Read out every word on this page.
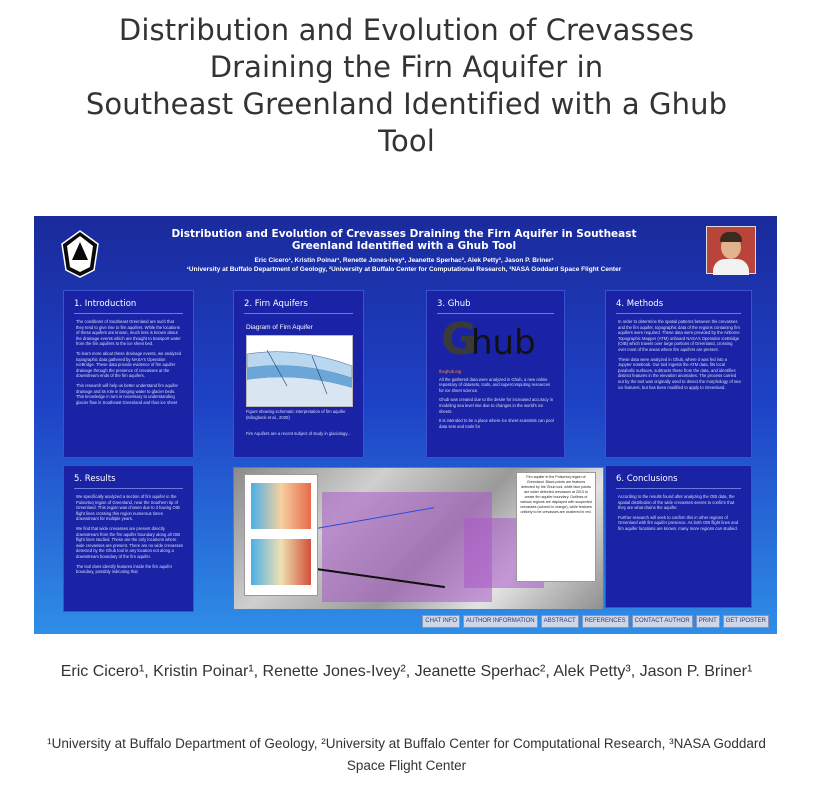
Distribution and Evolution of Crevasses
Draining the Firn Aquifer in
Southeast Greenland Identified with a Ghub
Tool
Distribution and Evolution of Crevasses Draining the Firn Aquifer in Southeast Greenland Identified with a Ghub Tool
Eric Cicero¹, Kristin Poinar¹, Renette Jones-Ivey², Jeanette Sperhac², Alek Petty³, Jason P. Briner¹
¹University at Buffalo Department of Geology, ²University at Buffalo Center for Computational Research, ³NASA Goddard Space Flight Center
1. Introduction

The conditions of Southeast Greenland are such that they tend to give rise to firn aquifers. While the locations of these aquifers are known, much less is known about the drainage events which are thought to transport water from the firn aquifers to the ice sheet bed.

To learn more about these drainage events, we analyzed topographic data gathered by NASA's Operation IceBridge. These data provide evidence of firn aquifer drainage through the presence of crevasses at the downstream ends of the firn aquifers.

This research will help us better understand firn aquifer drainage and its role in bringing water to glacier beds. This knowledge in turn is necessary to understanding glacier flow in Southeast Greenland and thus ice sheet

2. Firn Aquifers
Diagram of Firn Aquifer
Figure showing schematic interpretation of firn aquifer (Kilingbeck et al., 2020)
Firn Aquifers are a recent subject of study in glaciology...
3. Ghub
G
hub

theghub.org

All the gathered data were analyzed in Ghub, a new online repository of datasets, tools, and supercomputing resources for ice sheet science.

Ghub was created due to the desire for increased accuracy in modeling sea level rise due to changes in the world's ice sheets.

It is intended to be a place where ice sheet scientists can pool data sets and tools for

4. Methods

In order to determine the spatial patterns between the crevasses and the firn aquifer, topographic data of the regions containing firn aquifers were required. These data were provided by the Airborne Topographic Mapper (ATM) onboard NASA's Operation IceBridge (OIB) which travels over large portions of Greenland, crossing over most of the areas where firn aquifers are present.

These data were analyzed in Ghub, where it was fed into a Jupyter notebook. Our tool ingests the ATM data, fits local parabolic surfaces, subtracts these from the data, and identifies distinct features in the elevation anomalies. The process carried out by the tool was originally used to detect the morphology of sea ice features, but has been modified to apply to Greenland.

5. Results

We specifically analyzed a section of firn aquifer in the Puisortoq region of Greenland, near the Southern tip of Greenland. This region was chosen due to it having OIB flight lines crossing this region numerous times downstream for multiple years.

We find that wide crevasses are present directly downstream from the firn aquifer boundary along all OIB flight lines studied. These are the only locations where wide crevasses are present. There are no wide crevasses detected by the Ghub tool in any location not along a downstream boundary of the firn aquifer.

The tool does identify features inside the firn aquifer boundary, possibly indicating that

Firn aquifer in the Puisortoq region of Greenland. Black points are features detected by the Ghub tool, while blue points are wider detected crevasses at 2013 to create firn aquifer boundary. Outlines of various regions are displayed with suspected crevasses (colored in orange), while features unlikely to be crevasses are clustered in red.
6. Conclusions

According to the results found after analyzing the OIB data, the spatial distribution of the wide crevasses seems to confirm that they are what drains the aquifer.

Further research will seek to confirm this in other regions of Greenland with firn aquifer presence. As both OIB flight lines and firn aquifer locations are known, many more regions can studied.

CHAT INFO	AUTHOR INFORMATION	ABSTRACT	REFERENCES	CONTACT AUTHOR	PRINT	GET IPOSTER
Eric Cicero¹, Kristin Poinar¹, Renette Jones-Ivey², Jeanette Sperhac², Alek Petty³, Jason P. Briner¹
¹University at Buffalo Department of Geology, ²University at Buffalo Center for Computational Research, ³NASA Goddard Space Flight Center
